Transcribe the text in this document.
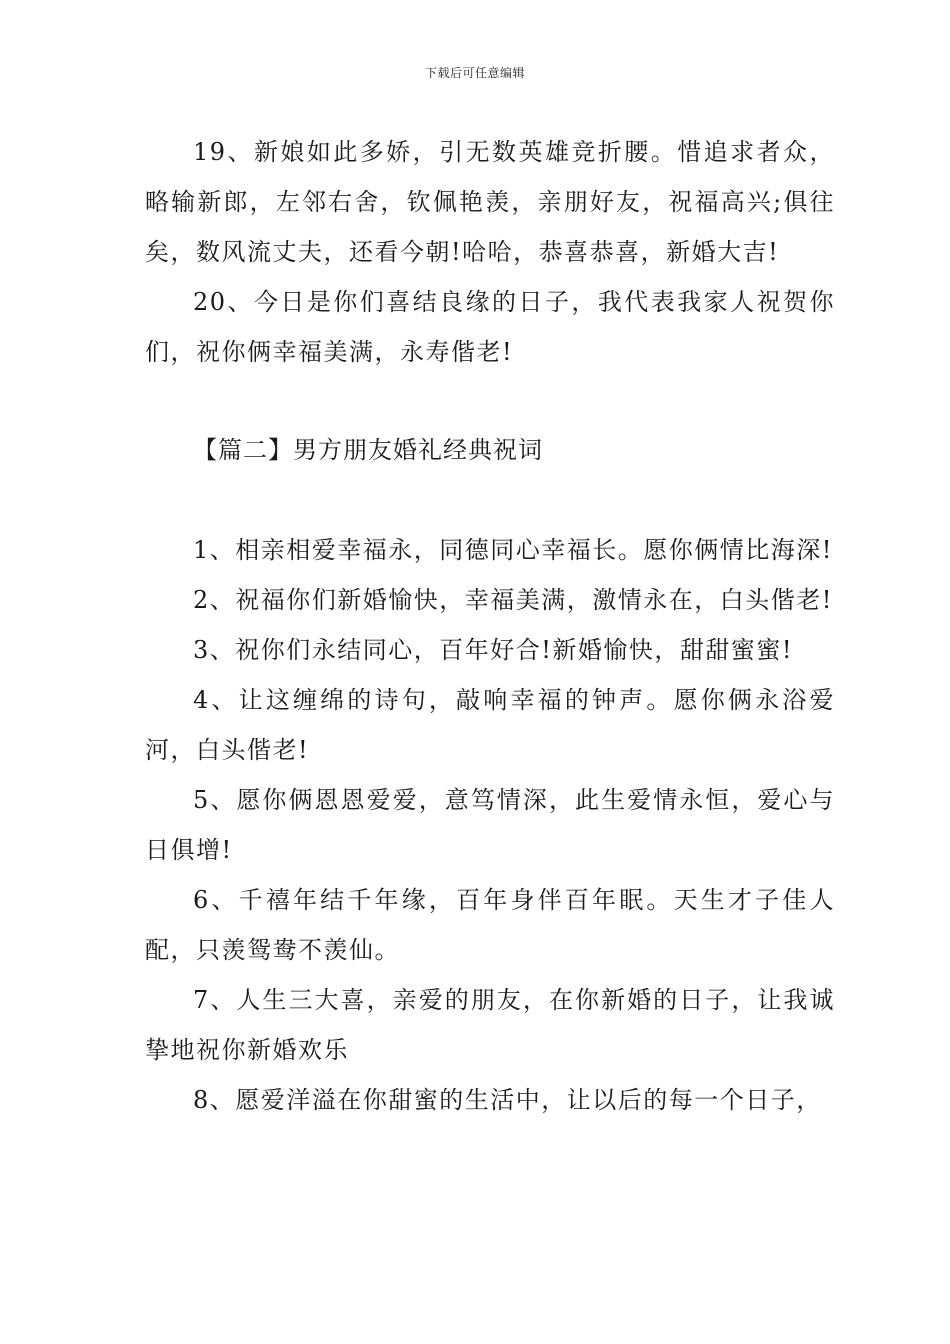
下载后可任意编辑

19、新娘如此多娇，引无数英雄竞折腰。惜追求者众，略输新郎，左邻右舍，钦佩艳羡，亲朋好友，祝福高兴;俱往矣，数风流丈夫，还看今朝!哈哈，恭喜恭喜，新婚大吉!

20、今日是你们喜结良缘的日子，我代表我家人祝贺你们，祝你俩幸福美满，永寿偕老!

【篇二】男方朋友婚礼经典祝词

1、相亲相爱幸福永，同德同心幸福长。愿你俩情比海深!

2、祝福你们新婚愉快，幸福美满，激情永在，白头偕老!

3、祝你们永结同心，百年好合!新婚愉快，甜甜蜜蜜!

4、让这缠绵的诗句，敲响幸福的钟声。愿你俩永浴爱河，白头偕老!

5、愿你俩恩恩爱爱，意笃情深，此生爱情永恒，爱心与日俱增!

6、千禧年结千年缘，百年身伴百年眠。天生才子佳人配，只羡鸳鸯不羡仙。

7、人生三大喜，亲爱的朋友，在你新婚的日子，让我诚挚地祝你新婚欢乐

8、愿爱洋溢在你甜蜜的生活中，让以后的每一个日子，
